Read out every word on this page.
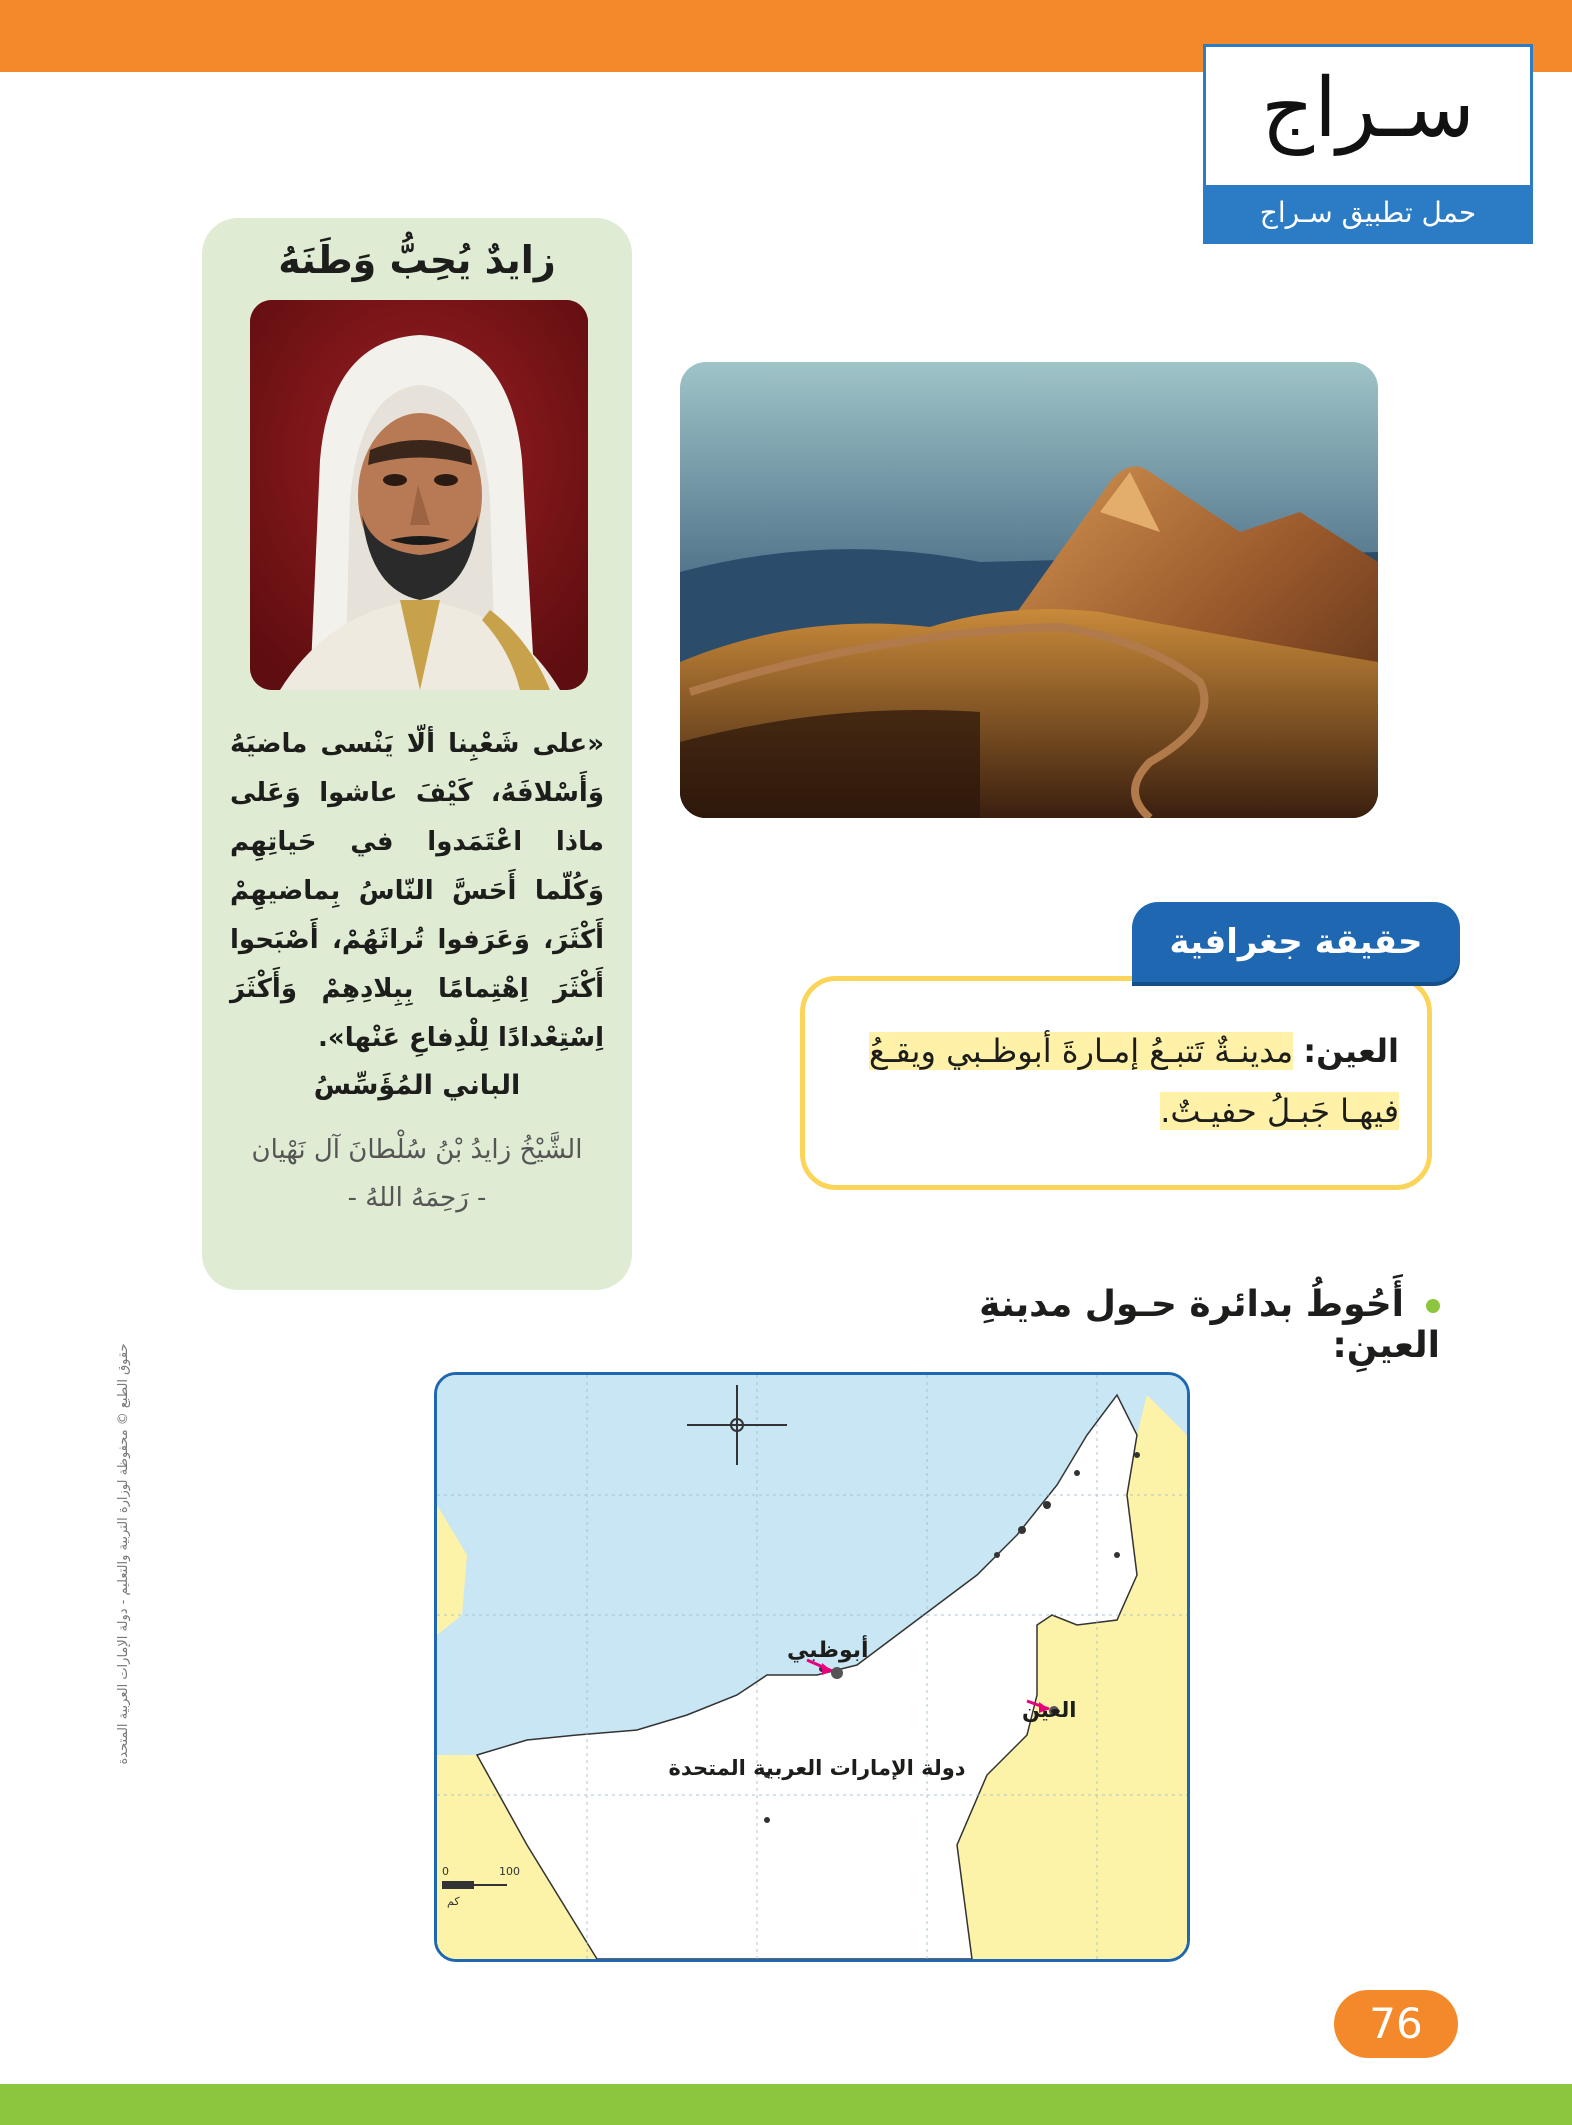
سـراج
حمل تطبيق سـراج
زايدٌ يُحِبُّ وَطَنَهُ
«على شَعْبِنا ألّا يَنْسى ماضيَهُ وَأَسْلافَهُ، كَيْفَ عاشوا وَعَلى ماذا اعْتَمَدوا في حَياتِهِم وَكُلّما أَحَسَّ النّاسُ بِماضيهِمْ أَكْثَرَ، وَعَرَفوا تُراثَهُمْ، أَصْبَحوا أَكْثَرَ اِهْتِمامًا بِبِلادِهِمْ وَأَكْثَرَ اِسْتِعْدادًا لِلْدِفاعِ عَنْها».
الباني المُؤَسِّسُ
الشَّيْخُ زايدُ بْنُ سُلْطانَ آل نَهْيان
- رَحِمَهُ اللهُ -
العين: مدينـةٌ تَتبـعُ إمـارةَ أبوظـبي ويقـعُ فيهـا جَبـلُ حفيـتٌ.
حقيقة جغرافية
أَحُوطُ بدائرة حـول مدينةِ العينِ:
أبوظبي
العين
دولة الإمارات العربية المتحدة
0	100
كم
حقوق الطبع © محفوظة لوزارة التربية والتعليم - دولة الإمارات العربية المتحدة
76
